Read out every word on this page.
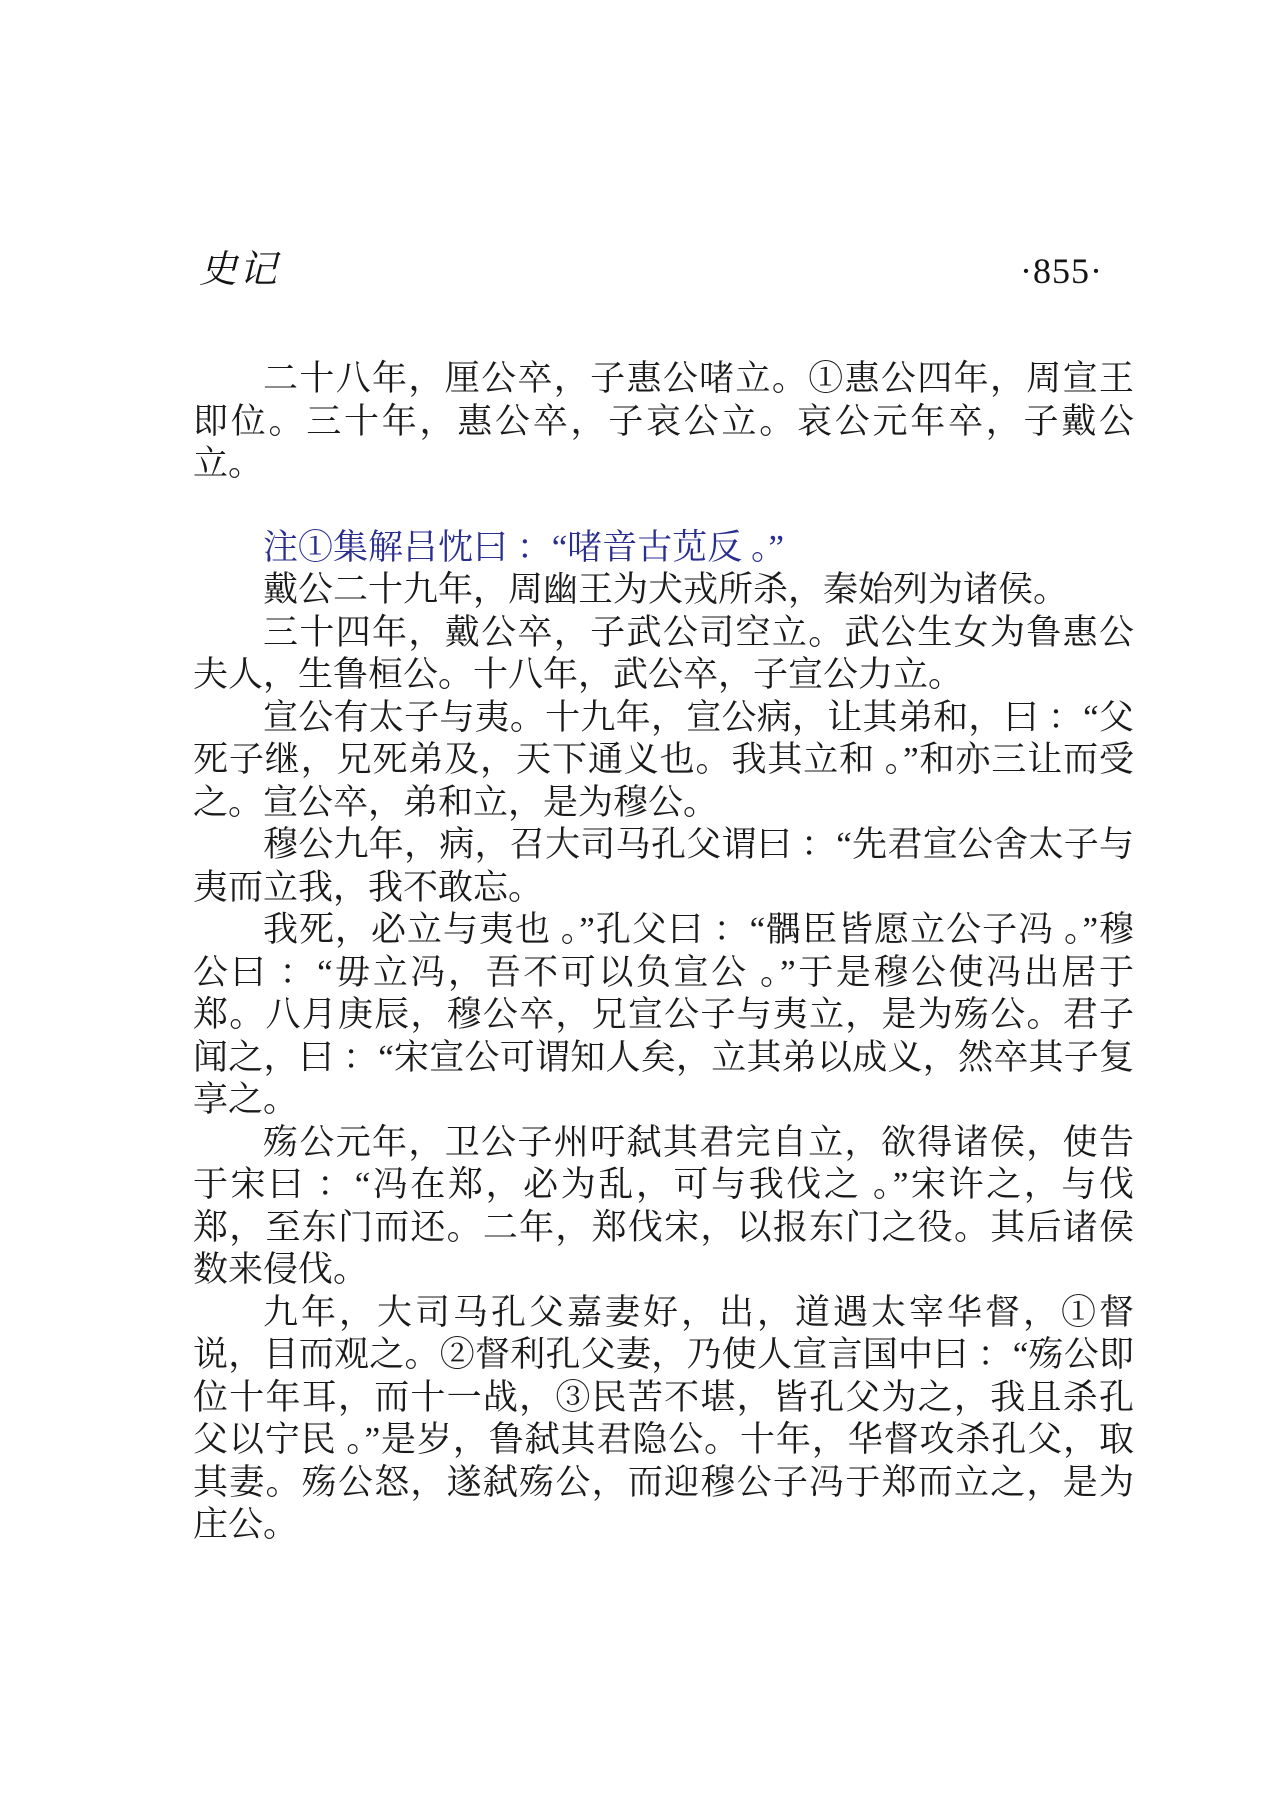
史记	·855·

二十八年，厘公卒，子惠公啫立。①惠公四年，周宣王即位。三十年，惠公卒，子哀公立。哀公元年卒，子戴公立。

注①集解吕忱曰 ：“啫音古苋反 。”

戴公二十九年，周幽王为犬戎所杀，秦始列为诸侯。

三十四年，戴公卒，子武公司空立。武公生女为鲁惠公夫人，生鲁桓公。十八年，武公卒，子宣公力立。

宣公有太子与夷。十九年，宣公病，让其弟和，曰 ：“父死子继，兄死弟及，天下通义也。我其立和 。”和亦三让而受之。宣公卒，弟和立，是为穆公。

穆公九年，病，召大司马孔父谓曰 ：“先君宣公舍太子与夷而立我，我不敢忘。

我死，必立与夷也 。”孔父曰 ：“髃臣皆愿立公子冯 。”穆公曰 ：“毋立冯，吾不可以负宣公 。”于是穆公使冯出居于郑。八月庚辰，穆公卒，兄宣公子与夷立，是为殇公。君子闻之，曰 ：“宋宣公可谓知人矣，立其弟以成义，然卒其子复享之。

殇公元年，卫公子州吁弑其君完自立，欲得诸侯，使告于宋曰 ：“冯在郑，必为乱，可与我伐之 。”宋许之，与伐郑，至东门而还。二年，郑伐宋，以报东门之役。其后诸侯数来侵伐。

九年，大司马孔父嘉妻好，出，道遇太宰华督，①督说，目而观之。②督利孔父妻，乃使人宣言国中曰 ：“殇公即位十年耳，而十一战，③民苦不堪，皆孔父为之，我且杀孔父以宁民 。”是岁，鲁弑其君隐公。十年，华督攻杀孔父，取其妻。殇公怒，遂弑殇公，而迎穆公子冯于郑而立之，是为庄公。
